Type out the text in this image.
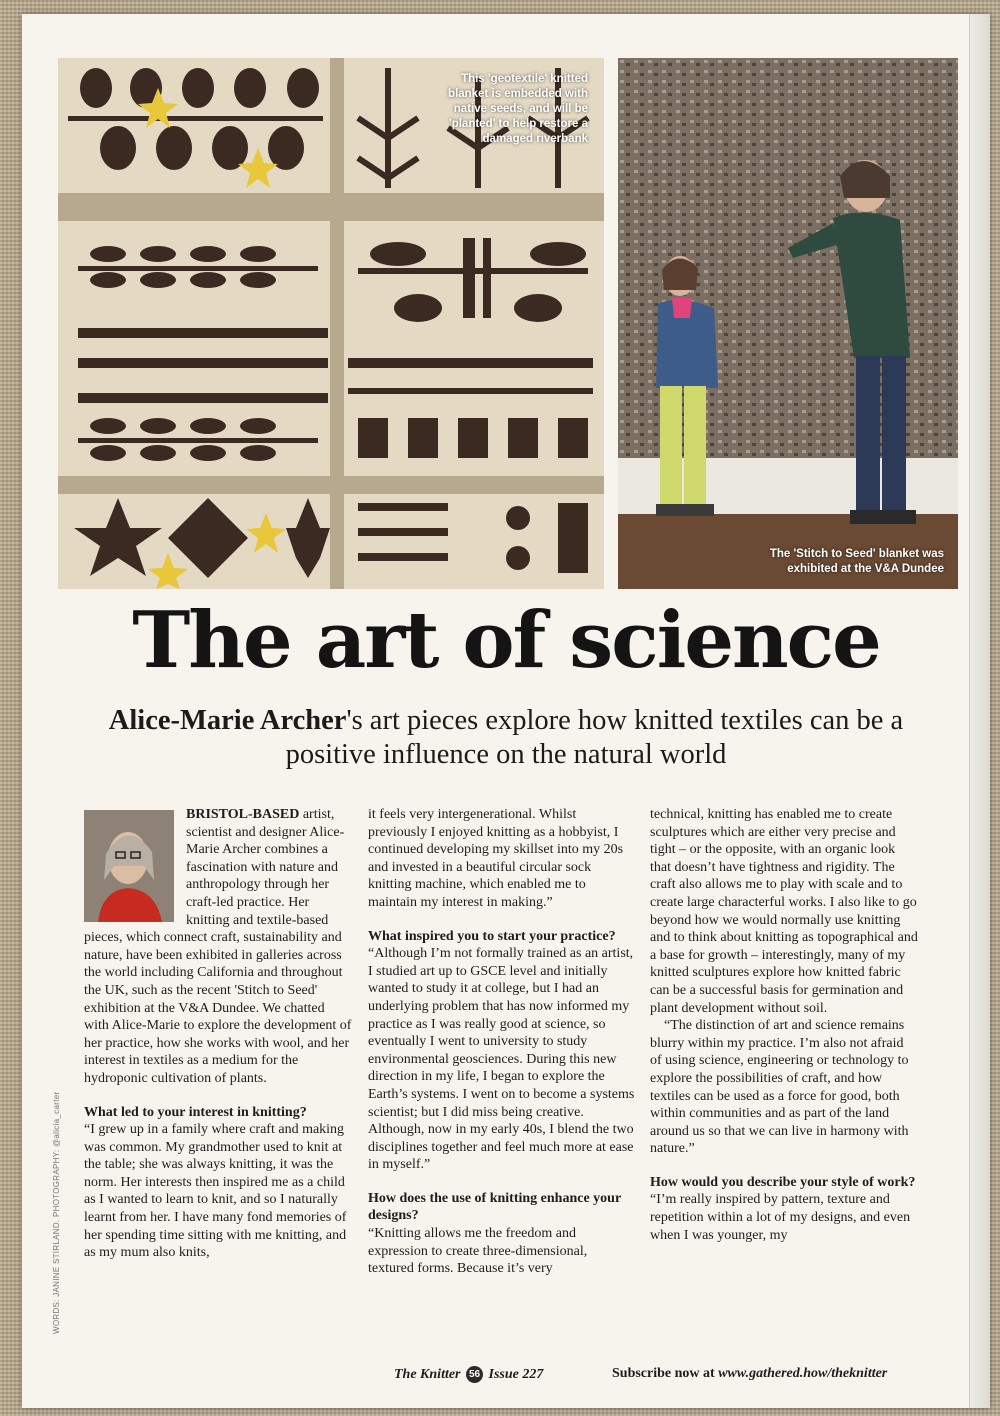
This 'geotextile' knitted blanket is embedded with native seeds, and will be 'planted' to help restore a damaged riverbank
The 'Stitch to Seed' blanket was exhibited at the V&A Dundee
The art of science
Alice-Marie Archer's art pieces explore how knitted textiles can be a positive influence on the natural world
WORDS: JANINE STIRLAND. PHOTOGRAPHY: @alicia_carter

BRISTOL-BASED artist, scientist and designer Alice-Marie Archer combines a fascination with nature and anthropology through her craft-led practice. Her knitting and textile-based pieces, which connect craft, sustainability and nature, have been exhibited in galleries across the world including California and throughout the UK, such as the recent 'Stitch to Seed' exhibition at the V&A Dundee. We chatted with Alice-Marie to explore the development of her practice, how she works with wool, and her interest in textiles as a medium for the hydroponic cultivation of plants.

What led to your interest in knitting?

“I grew up in a family where craft and making was common. My grandmother used to knit at the table; she was always knitting, it was the norm. Her interests then inspired me as a child as I wanted to learn to knit, and so I naturally learnt from her. I have many fond memories of her spending time sitting with me knitting, and as my mum also knits,

it feels very intergenerational. Whilst previously I enjoyed knitting as a hobbyist, I continued developing my skillset into my 20s and invested in a beautiful circular sock knitting machine, which enabled me to maintain my interest in making.”

What inspired you to start your practice?

“Although I’m not formally trained as an artist, I studied art up to GSCE level and initially wanted to study it at college, but I had an underlying problem that has now informed my practice as I was really good at science, so eventually I went to university to study environmental geosciences. During this new direction in my life, I began to explore the Earth’s systems. I went on to become a systems scientist; but I did miss being creative. Although, now in my early 40s, I blend the two disciplines together and feel much more at ease in myself.”

How does the use of knitting enhance your designs?

“Knitting allows me the freedom and expression to create three-dimensional, textured forms. Because it’s very

technical, knitting has enabled me to create sculptures which are either very precise and tight – or the opposite, with an organic look that doesn’t have tightness and rigidity. The craft also allows me to play with scale and to create large characterful works. I also like to go beyond how we would normally use knitting and to think about knitting as topographical and a base for growth – interestingly, many of my knitted sculptures explore how knitted fabric can be a successful basis for germination and plant development without soil.

“The distinction of art and science remains blurry within my practice. I’m also not afraid of using science, engineering or technology to explore the possibilities of craft, and how textiles can be used as a force for good, both within communities and as part of the land around us so that we can live in harmony with nature.”

How would you describe your style of work?

“I’m really inspired by pattern, texture and repetition within a lot of my designs, and even when I was younger, my

The Knitter 56 Issue 227	Subscribe now at www.gathered.how/theknitter
